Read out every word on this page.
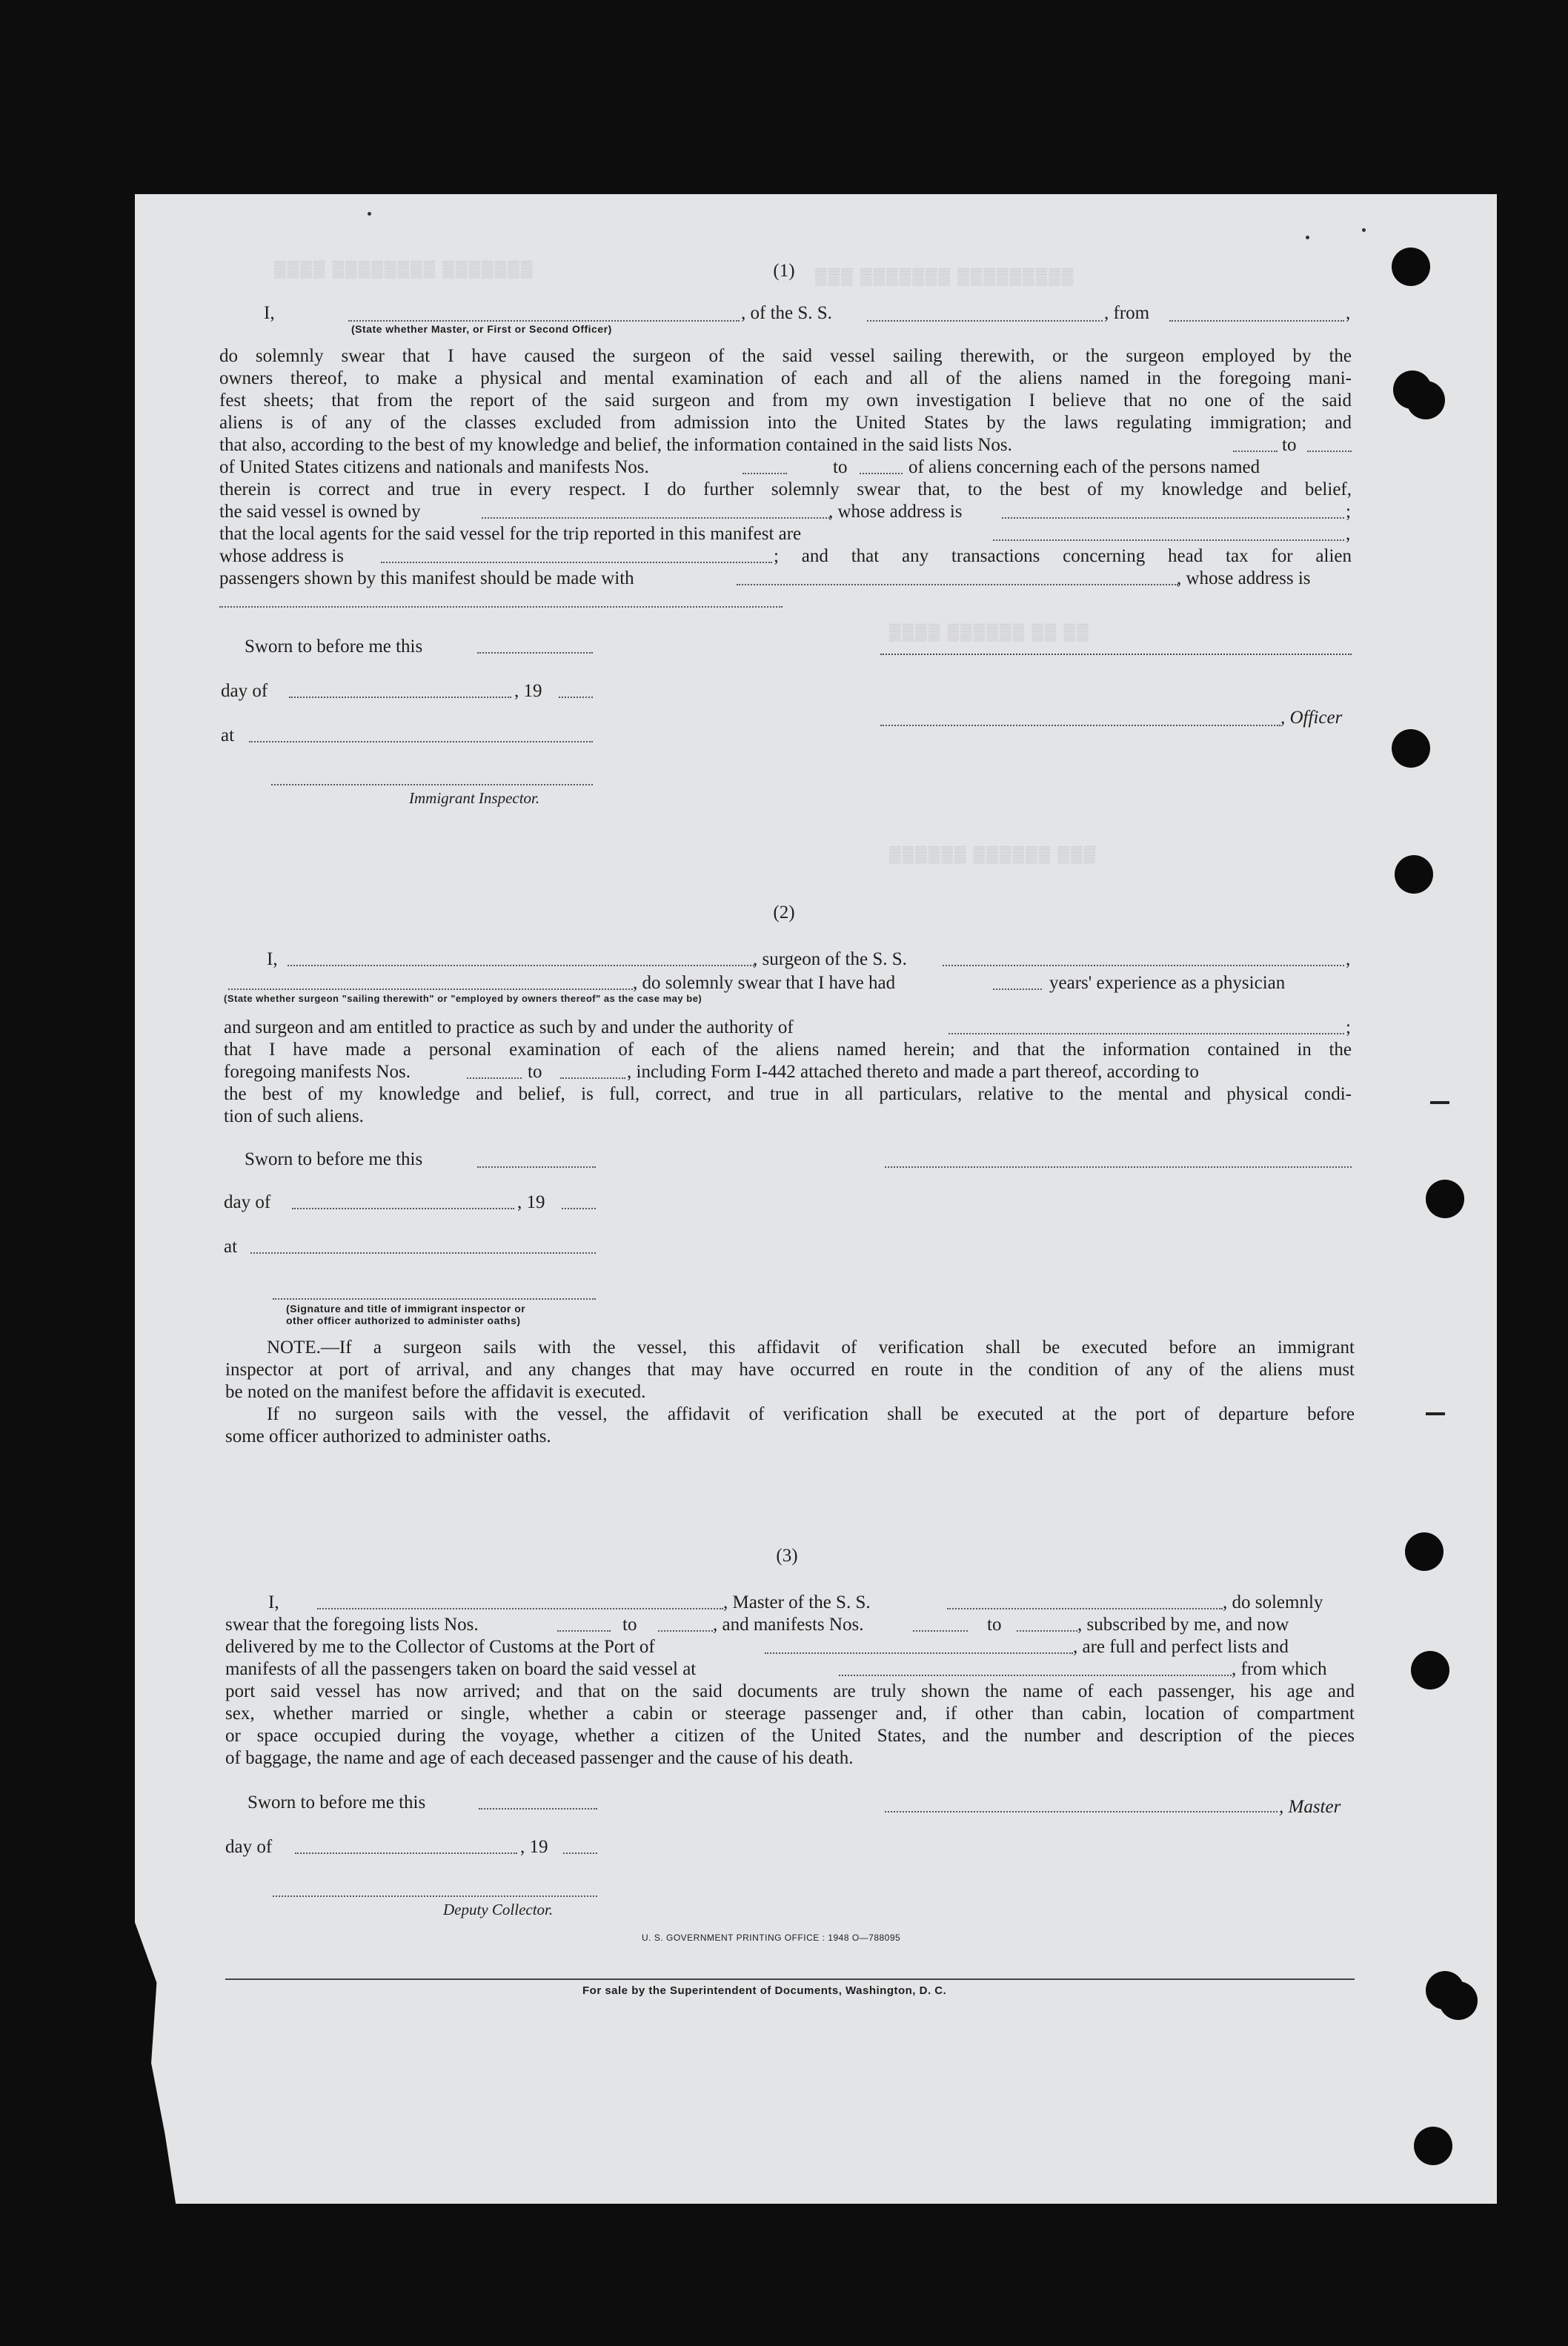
▒▒▒▒ ▒▒▒▒▒▒▒▒ ▒▒▒▒▒▒▒	▒▒▒ ▒▒▒▒▒▒▒ ▒▒▒▒▒▒▒▒▒
▒▒▒▒ ▒▒▒▒▒▒ ▒▒ ▒▒
▒▒▒▒▒▒ ▒▒▒▒▒▒ ▒▒▒
(1)
I,	, of the S. S.	, from	,
(State whether Master, or First or Second Officer)
do solemnly swear that I have caused the surgeon of the said vessel sailing therewith, or the surgeon employed by the
owners thereof, to make a physical and mental examination of each and all of the aliens named in the foregoing mani-
fest sheets; that from the report of the said surgeon and from my own investigation I believe that no one of the said
aliens is of any of the classes excluded from admission into the United States by the laws regulating immigration; and
that also, according to the best of my knowledge and belief, the information contained in the said lists Nos.	to
of United States citizens and nationals and manifests Nos.	to	of aliens concerning each of the persons named
therein is correct and true in every respect. I do further solemnly swear that, to the best of my knowledge and belief,
the said vessel is owned by	, whose address is	;
that the local agents for the said vessel for the trip reported in this manifest are	,
whose address is	; and that any transactions concerning head tax for alien
passengers shown by this manifest should be made with	, whose address is
Sworn to before me this
day of	, 19
at
, Officer
Immigrant Inspector.
(2)
I,	, surgeon of the S. S.	,
, do solemnly swear that I have had	years' experience as a physician
(State whether surgeon "sailing therewith" or "employed by owners thereof" as the case may be)
and surgeon and am entitled to practice as such by and under the authority of	;
that I have made a personal examination of each of the aliens named herein; and that the information contained in the
foregoing manifests Nos.	to	, including Form I-442 attached thereto and made a part thereof, according to
the best of my knowledge and belief, is full, correct, and true in all particulars, relative to the mental and physical condi-
tion of such aliens.
Sworn to before me this
day of	, 19
at
(Signature and title of immigrant inspector or
other officer authorized to administer oaths)
NOTE.—If a surgeon sails with the vessel, this affidavit of verification shall be executed before an immigrant
inspector at port of arrival, and any changes that may have occurred en route in the condition of any of the aliens must
be noted on the manifest before the affidavit is executed.
If no surgeon sails with the vessel, the affidavit of verification shall be executed at the port of departure before
some officer authorized to administer oaths.
(3)
I,	, Master of the S. S.	, do solemnly
swear that the foregoing lists Nos.	to	, and manifests Nos.	to	, subscribed by me, and now
delivered by me to the Collector of Customs at the Port of	, are full and perfect lists and
manifests of all the passengers taken on board the said vessel at	, from which
port said vessel has now arrived; and that on the said documents are truly shown the name of each passenger, his age and
sex, whether married or single, whether a cabin or steerage passenger and, if other than cabin, location of compartment
or space occupied during the voyage, whether a citizen of the United States, and the number and description of the pieces
of baggage, the name and age of each deceased passenger and the cause of his death.
Sworn to before me this	, Master
day of	, 19
Deputy Collector.
U. S. GOVERNMENT PRINTING OFFICE : 1948 O—788095
For sale by the Superintendent of Documents, Washington, D. C.
